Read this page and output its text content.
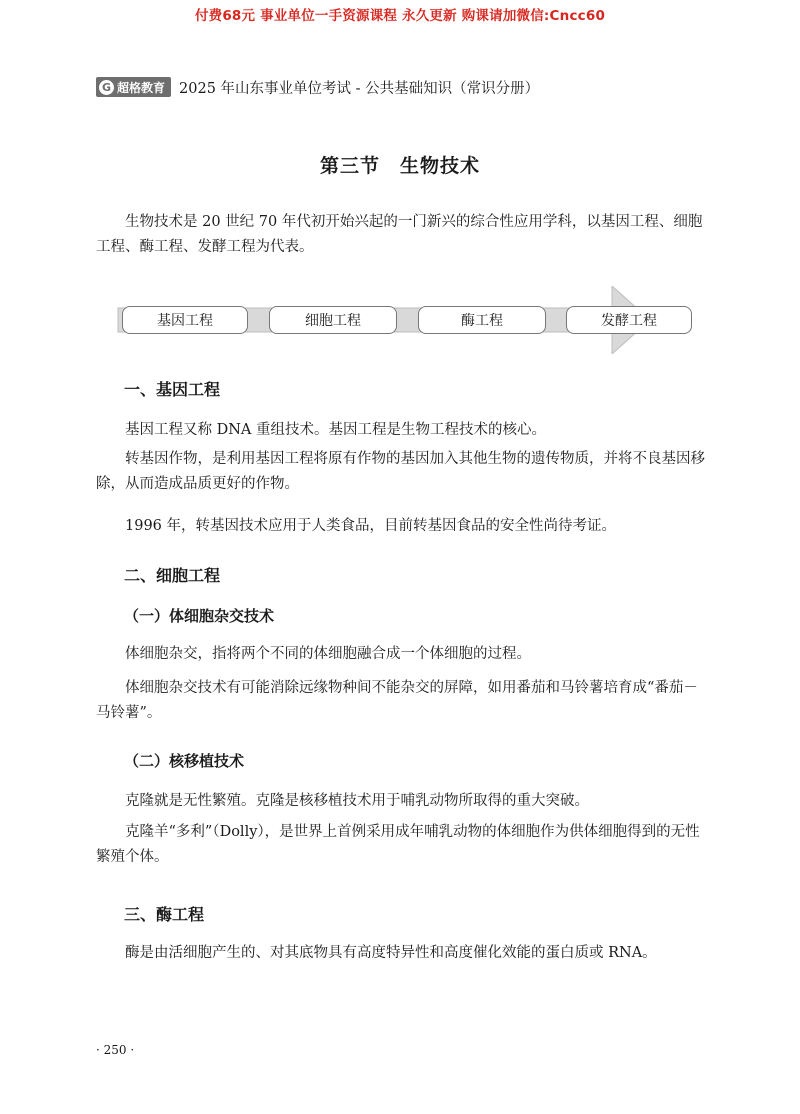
付费68元 事业单位一手资源课程 永久更新 购课请加微信:Cncc60
G 超格教育 2025 年山东事业单位考试 - 公共基础知识（常识分册）
第三节　生物技术
生物技术是 20 世纪 70 年代初开始兴起的一门新兴的综合性应用学科，以基因工程、细胞工程、酶工程、发酵工程为代表。
基因工程	细胞工程	酶工程	发酵工程
一、基因工程
基因工程又称 DNA 重组技术。基因工程是生物工程技术的核心。
转基因作物，是利用基因工程将原有作物的基因加入其他生物的遗传物质，并将不良基因移除，从而造成品质更好的作物。
1996 年，转基因技术应用于人类食品，目前转基因食品的安全性尚待考证。
二、细胞工程
（一）体细胞杂交技术
体细胞杂交，指将两个不同的体细胞融合成一个体细胞的过程。
体细胞杂交技术有可能消除远缘物种间不能杂交的屏障，如用番茄和马铃薯培育成“番茄－马铃薯”。
（二）核移植技术
克隆就是无性繁殖。克隆是核移植技术用于哺乳动物所取得的重大突破。
克隆羊“多利”（Dolly），是世界上首例采用成年哺乳动物的体细胞作为供体细胞得到的无性繁殖个体。
三、酶工程
酶是由活细胞产生的、对其底物具有高度特异性和高度催化效能的蛋白质或 RNA。
· 250 ·
